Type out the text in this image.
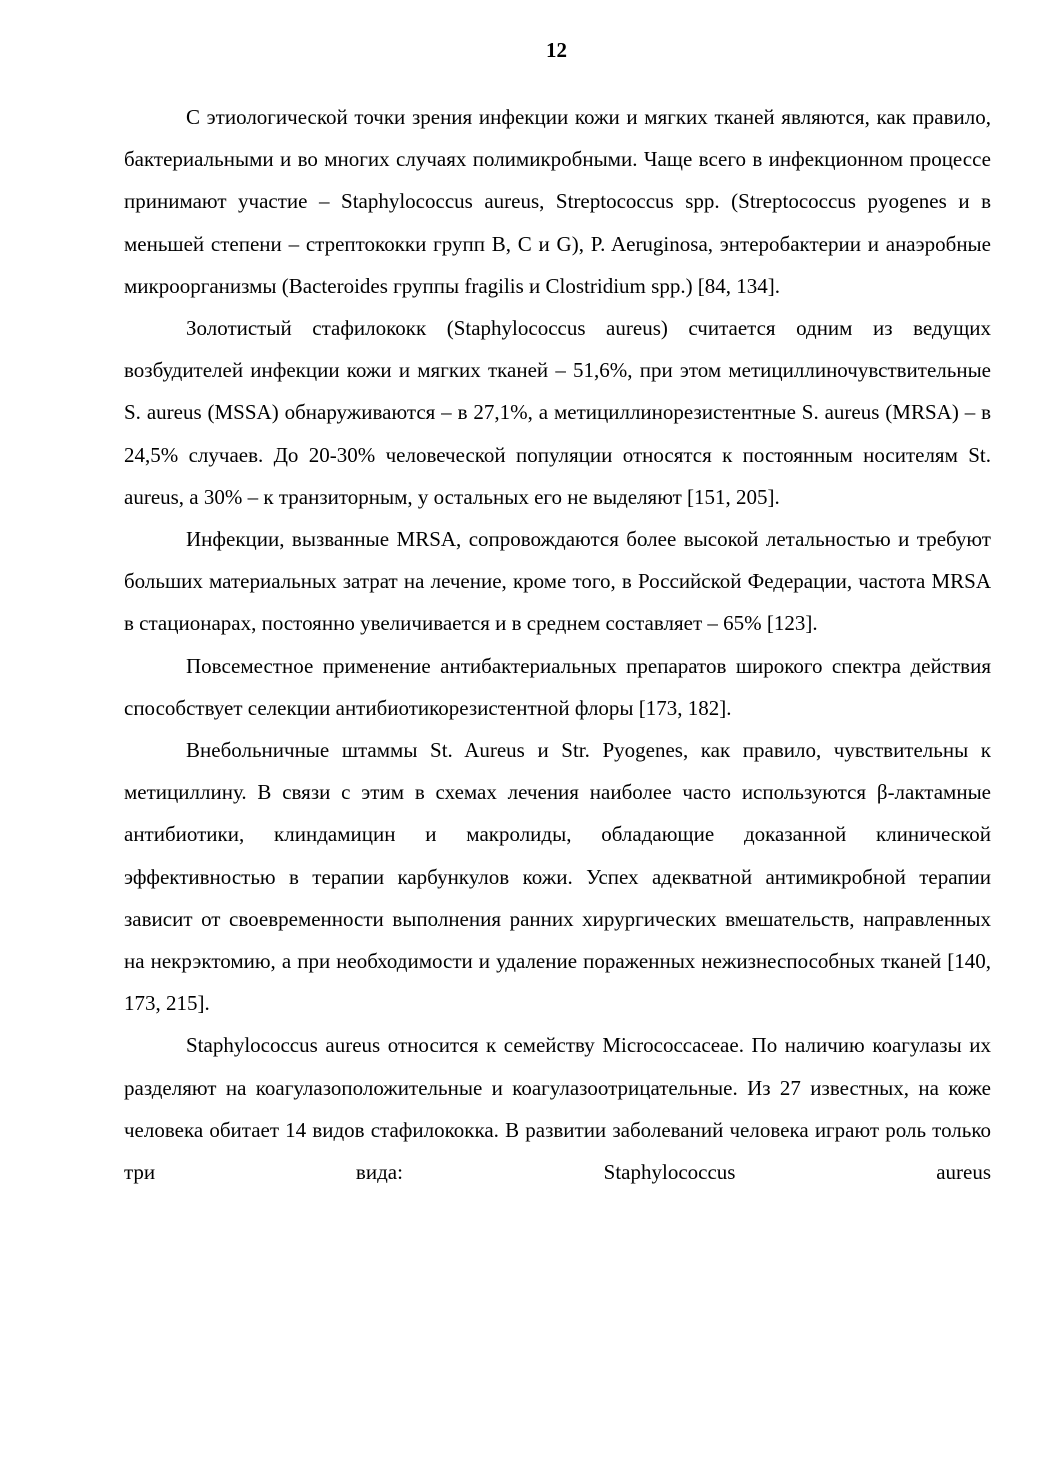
12

С этиологической точки зрения инфекции кожи и мягких тканей являются, как правило, бактериальными и во многих случаях полимикробными. Чаще всего в инфекционном процессе принимают участие – Staphylococcus aureus, Streptococcus spp. (Streptococcus pyogenes и в меньшей степени – стрептококки групп В, С и G), P. Aeruginosa, энтеробактерии и анаэробные микроорганизмы (Bacteroides группы fragilis и Clostridium spp.) [84, 134].

Золотистый стафилококк (Staphylococcus aureus) считается одним из ведущих возбудителей инфекции кожи и мягких тканей – 51,6%, при этом метициллиночувствительные S. aureus (MSSA) обнаруживаются – в 27,1%, а метициллинорезистентные S. aureus (MRSA) – в 24,5% случаев. До 20-30% человеческой популяции относятся к постоянным носителям St. aureus, а 30% – к транзиторным, у остальных его не выделяют [151, 205].

Инфекции, вызванные MRSA, сопровождаются более высокой летальностью и требуют больших материальных затрат на лечение, кроме того, в Российской Федерации, частота MRSA в стационарах, постоянно увеличивается и в среднем составляет – 65% [123].

Повсеместное применение антибактериальных препаратов широкого спектра действия способствует селекции антибиотикорезистентной флоры [173, 182].

Внебольничные штаммы St. Aureus и Str. Pyogenes, как правило, чувствительны к метициллину. В связи с этим в схемах лечения наиболее часто используются β-лактамные антибиотики, клиндамицин и макролиды, обладающие доказанной клинической эффективностью в терапии карбункулов кожи. Успех адекватной антимикробной терапии зависит от своевременности выполнения ранних хирургических вмешательств, направленных на некрэктомию, а при необходимости и удаление пораженных нежизнеспособных тканей [140, 173, 215].

Staphylococcus aureus относится к семейству Micrococcaceae. По наличию коагулазы их разделяют на коагулазоположительные и коагулазоотрицательные. Из 27 известных, на коже человека обитает 14 видов стафилококка. В развитии заболеваний человека играют роль только три вида: Staphylococcus aureus
